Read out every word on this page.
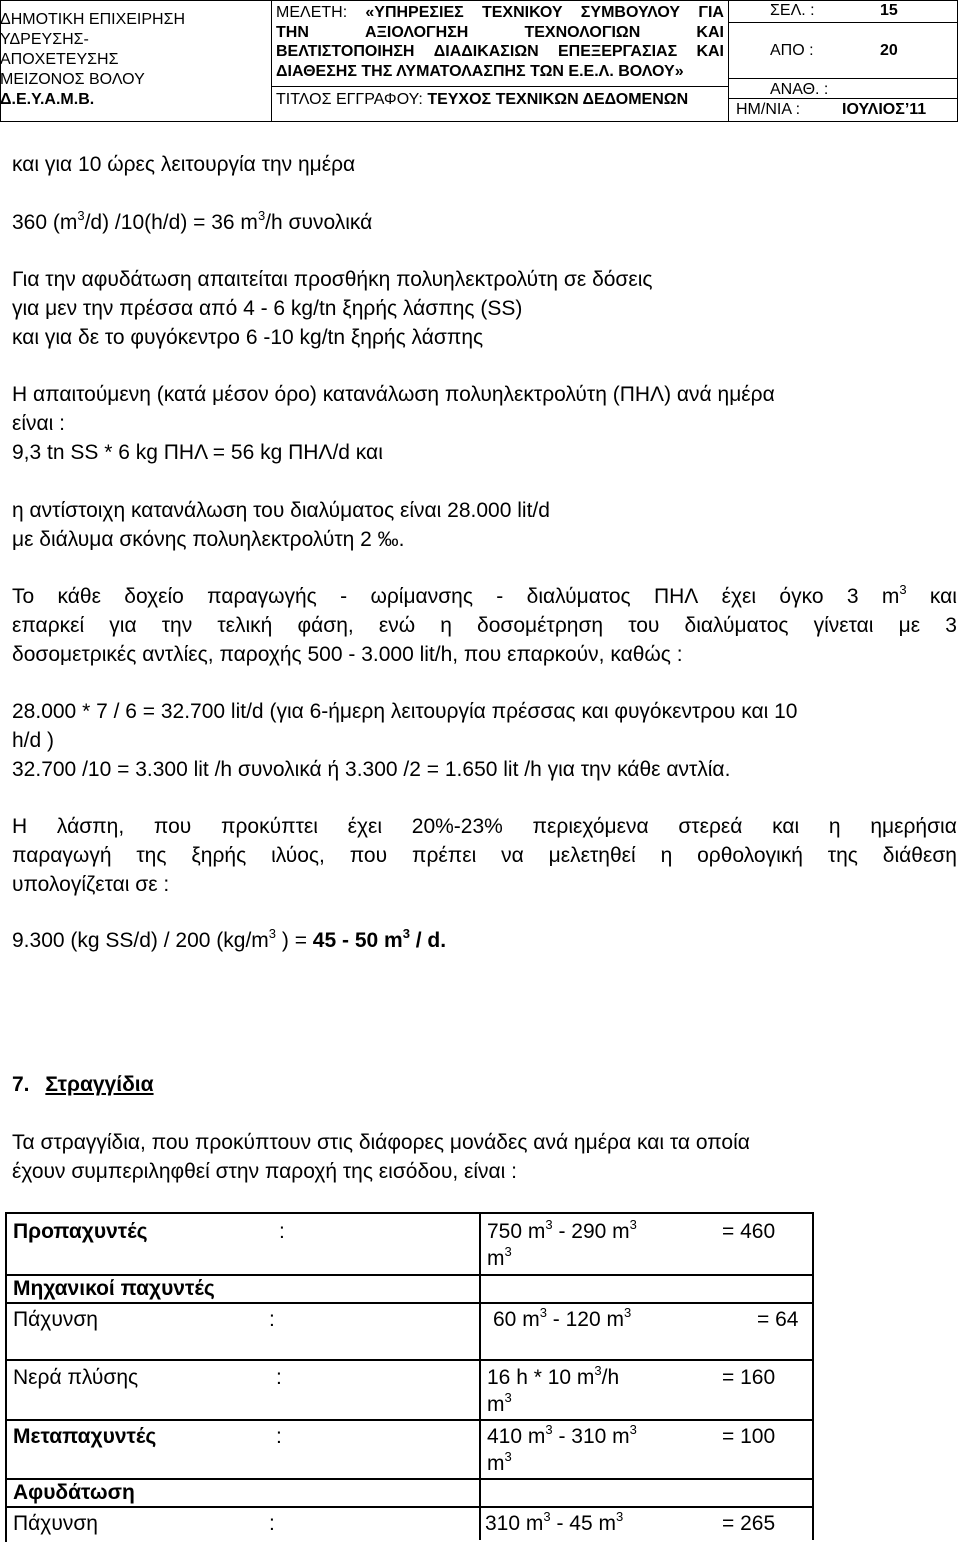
ΔΗΜΟΤΙΚΗ ΕΠΙΧΕΙΡΗΣΗ
ΥΔΡΕΥΣΗΣ-
ΑΠΟΧΕΤΕΥΣΗΣ
ΜΕΙΖΟΝΟΣ ΒΟΛΟΥ
Δ.Ε.Υ.Α.Μ.Β.
ΜΕΛΕΤΗ: «ΥΠΗΡΕΣΙΕΣ ΤΕΧΝΙΚΟΥ ΣΥΜΒΟΥΛΟΥ ΓΙΑ
ΤΗΝ	ΑΞΙΟΛΟΓΗΣΗ	ΤΕΧΝΟΛΟΓΙΩΝ	ΚΑΙ
ΒΕΛΤΙΣΤΟΠΟΙΗΣΗ ΔΙΑΔΙΚΑΣΙΩΝ ΕΠΕΞΕΡΓΑΣΙΑΣ ΚΑΙ
ΔΙΑΘΕΣΗΣ ΤΗΣ ΛΥΜΑΤΟΛΑΣΠΗΣ ΤΩΝ Ε.Ε.Λ. ΒΟΛΟΥ»
ΤΙΤΛΟΣ ΕΓΓΡΑΦΟΥ: ΤΕΥΧΟΣ ΤΕΧΝΙΚΩΝ ΔΕΔΟΜΕΝΩΝ
ΣΕΛ. :	15
ΑΠΟ :	20
ΑΝΑΘ. :
ΗΜ/ΝΙΑ :	ΙΟΥΛΙΟΣ’11
και για 10 ώρες λειτουργία την ημέρα
360 $(m^3/d) /10(h/d) = 36$ $m^3/h$ συνολικά
Για την αφυδάτωση απαιτείται προσθήκη πολυηλεκτρολύτη σε δόσεις
για μεν την πρέσσα από 4 - 6 kg/tn ξηρής λάσπης (SS)
και για δε το φυγόκεντρο 6 -10 kg/tn ξηρής λάσπης
Η απαιτούμενη (κατά μέσον όρο) κατανάλωση πολυηλεκτρολύτη (ΠΗΛ) ανά ημέρα
είναι :
9,3 tn SS * 6 kg ΠΗΛ = 56 kg ΠΗΛ/d και
η αντίστοιχη κατανάλωση του διαλύματος είναι 28.000 lit/d
με διάλυμα σκόνης πολυηλεκτρολύτη 2 ‰.
Το κάθε δοχείο παραγωγής - ωρίμανσης - διαλύματος ΠΗΛ έχει όγκο 3 $m^3$ και
επαρκεί για την τελική φάση, ενώ η δοσομέτρηση του διαλύματος γίνεται με 3
δοσομετρικές αντλίες, παροχής 500 - 3.000 lit/h, που επαρκούν, καθώς :
28.000 * 7 / 6 = 32.700 lit/d (για 6-ήμερη λειτουργία πρέσσας και φυγόκεντρου και 10
h/d )
32.700 /10 = 3.300 lit /h συνολικά ή 3.300 /2 = 1.650 lit /h για την κάθε αντλία.
Η λάσπη, που προκύπτει έχει 20%-23% περιεχόμενα στερεά και η ημερήσια
παραγωγή της ξηρής ιλύος, που πρέπει να μελετηθεί η ορθολογική της διάθεση
υπολογίζεται σε :
9.300 (kg SS/d) / 200 ($kg/m^3$ ) = 45 - 50 $m^3$ / d.
7. Στραγγίδια
Τα στραγγίδια, που προκύπτουν στις διάφορες μονάδες ανά ημέρα και τα οποία
έχουν συμπεριληφθεί στην παροχή της εισόδου, είναι :
Προπαχυντές	:	750 $m^3 - 290$ $m^3$	= 460
$m^3$
Μηχανικοί παχυντές
Πάχυνση	:	60 $m^3 - 120$ $m^3$	= 64
Νερά πλύσης	:	16 h * 10 $m^3/h$	= 160
$m^3$
Μεταπαχυντές	:	410 $m^3 - 310$ $m^3$	= 100
$m^3$
Αφυδάτωση
Πάχυνση	:	310 $m^3 - 45$ $m^3$	= 265
